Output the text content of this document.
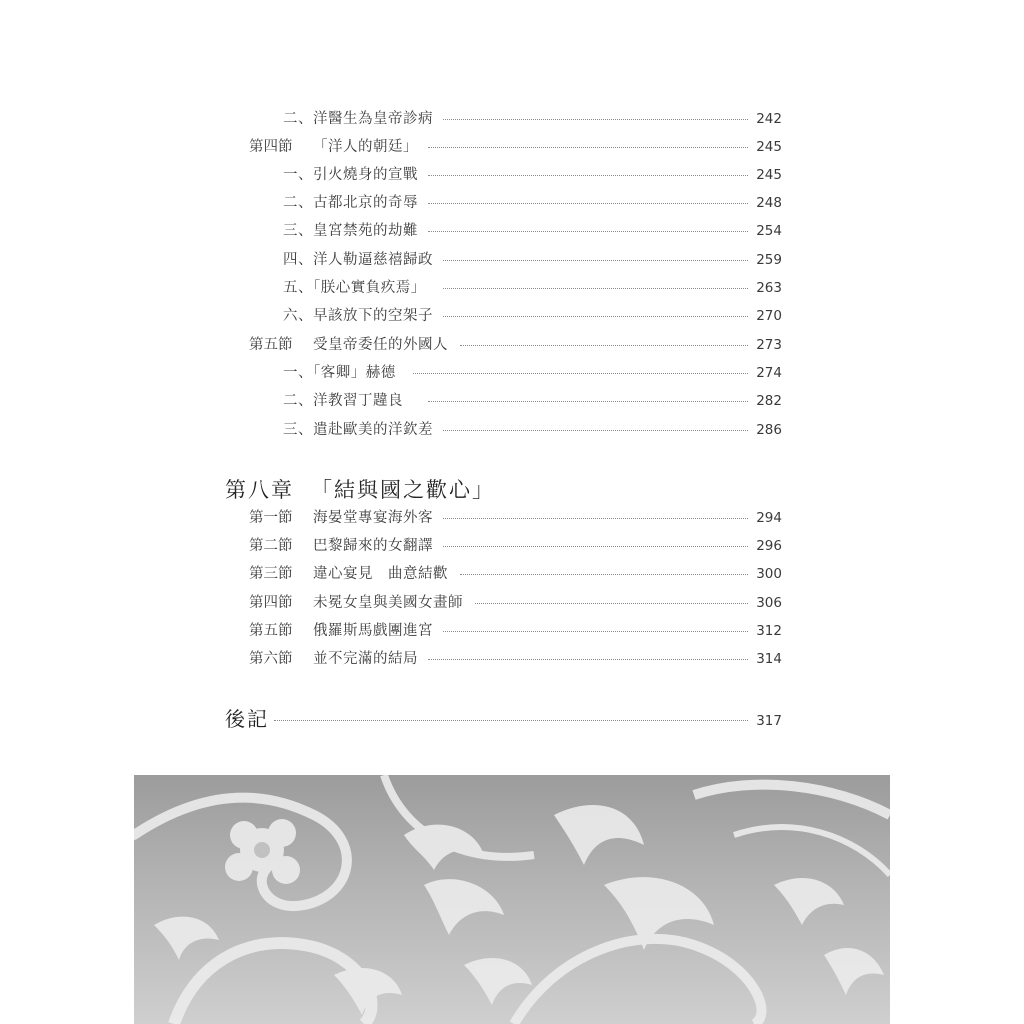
二、洋醫生為皇帝診病	242
第四節 「洋人的朝廷」	245
一、引火燒身的宣戰	245
二、古都北京的奇辱	248
三、皇宮禁苑的劫難	254
四、洋人勒逼慈禧歸政	259
五、「朕心實負疚焉」	263
六、早該放下的空架子	270
第五節 受皇帝委任的外國人	273
一、「客卿」赫德	274
二、洋教習丁韙良	282
三、遣赴歐美的洋欽差	286
第八章 「結與國之歡心」
第一節 海晏堂專宴海外客	294
第二節 巴黎歸來的女翻譯	296
第三節 違心宴見　曲意結歡	300
第四節 未冕女皇與美國女畫師	306
第五節 俄羅斯馬戲團進宮	312
第六節 並不完滿的結局	314
後記	317
